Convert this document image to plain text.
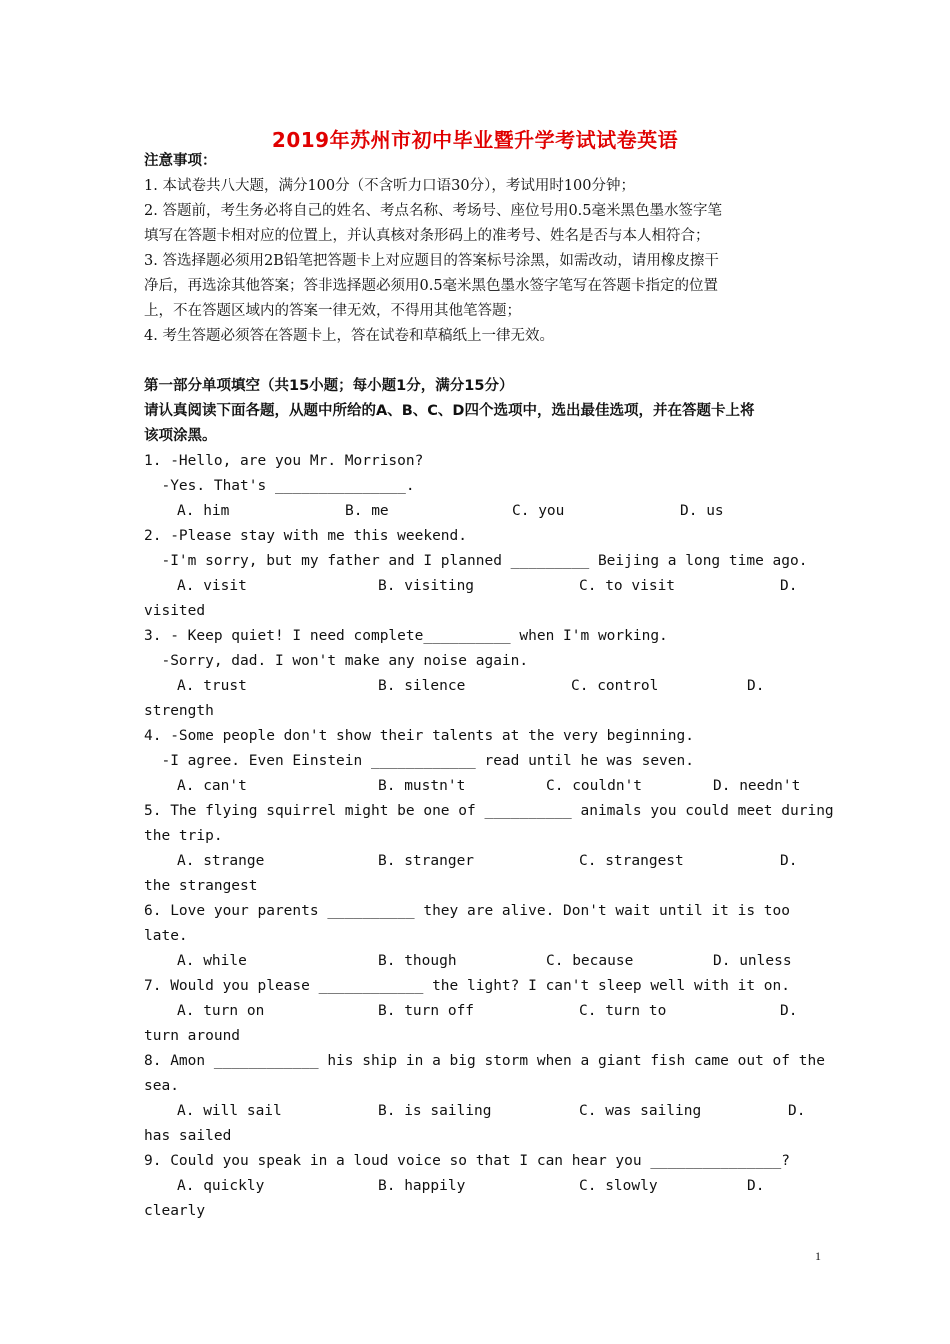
2019年苏州市初中毕业暨升学考试试卷英语
注意事项：
1. 本试卷共八大题，满分100分（不含听力口语30分），考试用时100分钟；
2. 答题前，考生务必将自己的姓名、考点名称、考场号、座位号用0.5毫米黑色墨水签字笔
填写在答题卡相对应的位置上，并认真核对条形码上的准考号、姓名是否与本人相符合；
3. 答选择题必须用2B铅笔把答题卡上对应题目的答案标号涂黑，如需改动，请用橡皮擦干
净后，再选涂其他答案；答非选择题必须用0.5毫米黑色墨水签字笔写在答题卡指定的位置
上，不在答题区域内的答案一律无效，不得用其他笔答题；
4. 考生答题必须答在答题卡上，答在试卷和草稿纸上一律无效。
第一部分单项填空（共15小题；每小题1分，满分15分）
请认真阅读下面各题，从题中所给的A、B、C、D四个选项中，选出最佳选项，并在答题卡上将
该项涂黑。
1. -Hello, are you Mr. Morrison?
-Yes. That's _______________.
A. him	B. me	C. you	D. us
2. -Please stay with me this weekend.
-I'm sorry, but my father and I planned _________ Beijing a long time ago.
A. visit	B. visiting	C. to visit	D.
visited
3. - Keep quiet! I need complete__________ when I'm working.
-Sorry, dad. I won't make any noise again.
A. trust	B. silence	C. control	D.
strength
4. -Some people don't show their talents at the very beginning.
-I agree. Even Einstein ____________ read until he was seven.
A. can't	B. mustn't	C. couldn't	D. needn't
5. The flying squirrel might be one of __________ animals you could meet during
the trip.
A. strange	B. stranger	C. strangest	D.
the strangest
6. Love your parents __________ they are alive. Don't wait until it is too
late.
A. while	B. though	C. because	D. unless
7. Would you please ____________ the light? I can't sleep well with it on.
A. turn on	B. turn off	C. turn to	D.
turn around
8. Amon ____________ his ship in a big storm when a giant fish came out of the
sea.
A. will sail	B. is sailing	C. was sailing	D.
has sailed
9. Could you speak in a loud voice so that I can hear you _______________?
A. quickly	B. happily	C. slowly	D.
clearly
1
